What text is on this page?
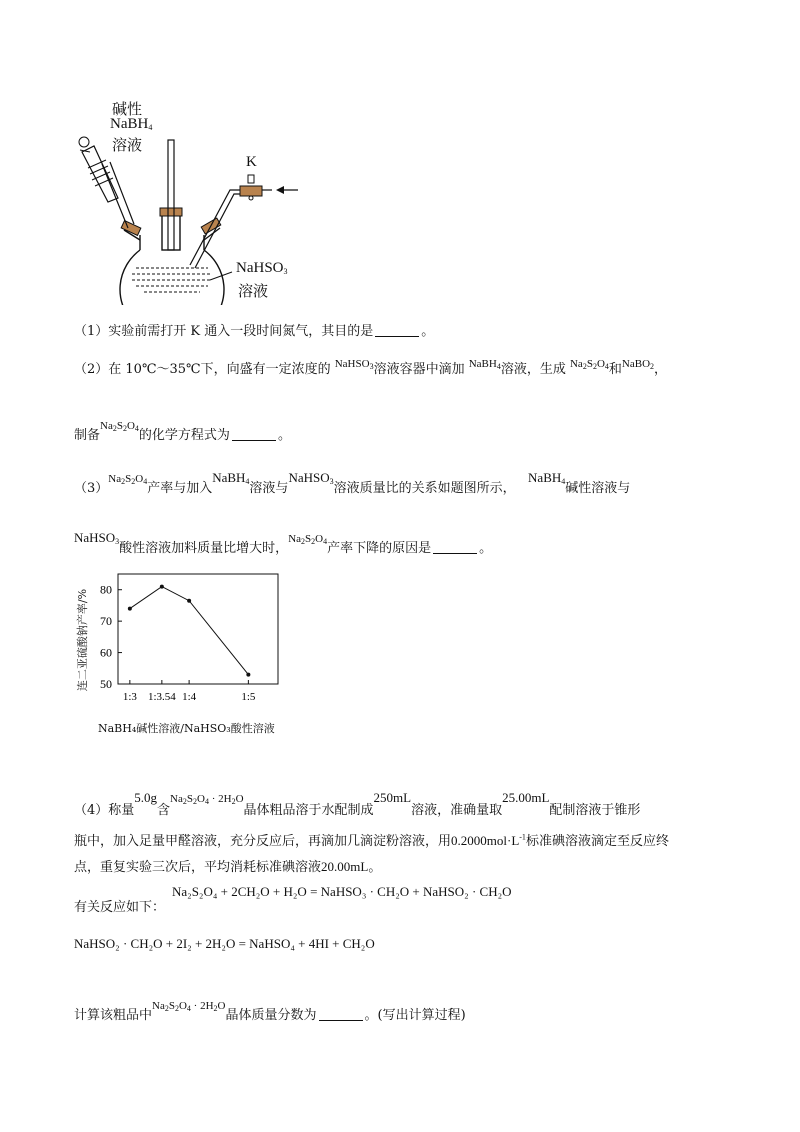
碱性
NaBH$_4$
溶液
K
NaHSO$_3$
溶液
（1）实验前需打开 K 通入一段时间氮气，其目的是	。
（2）在 10℃～35℃下，向盛有一定浓度的 $^{NaHSO_3}$溶液容器中滴加 $^{NaBH_4}$溶液，生成 $^{Na_2S_2O_4}$和$^{NaBO_2}$，
制备$^{Na_2S_2O_4}$的化学方程式为	。
$(3)^{Na_2S_2O_4}$产率与加入NaBH$_4$溶液与NaHSO$_3$溶液质量比的关系如题图所示，   NaBH$_4$碱性溶液与
NaHSO$_3$酸性溶液加料质量比增大时，$^{Na_2S_2O_4}$产率下降的原因是	。
50
60
70
80
1:3 1:3.54 1:4	1:5
连二亚硫酸钠产率/%
NaBH₄碱性溶液/NaHSO₃酸性溶液
（4）称量5.0g含$^{Na_2S_2O_4 \cdot 2H_2O}$晶体粗品溶于水配制成250mL溶液，准确量取25.00mL配制溶液于锥形
瓶中，加入足量甲醛溶液，充分反应后，再滴加几滴淀粉溶液，用$0.2000mol\cdot L^{-1}$标准碘溶液滴定至反应终
点，重复实验三次后，平均消耗标准碘溶液20.00mL。
有关反应如下：
Na₂S₂O₄ + 2CH₂O + H₂O = NaHSO₃ · CH₂O + NaHSO₂ · CH₂O
NaHSO₂ · CH₂O + 2I₂ + 2H₂O = NaHSO₄ + 4HI + CH₂O
计算该粗品中$^{Na_2S_2O_4 \cdot 2H_2O}$晶体质量分数为	。(写出计算过程)
